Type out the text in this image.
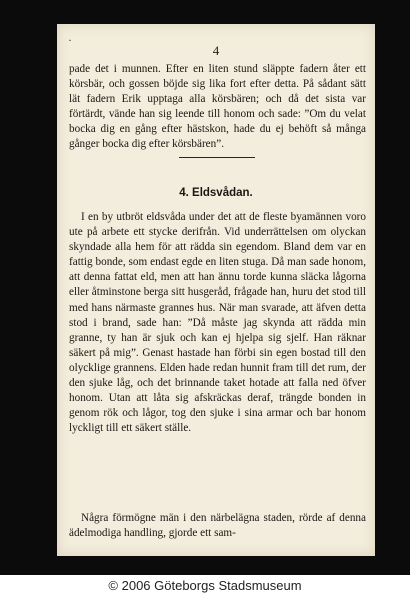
·
4

pade det i munnen. Efter en liten stund släppte fadern åter ett körsbär, och gossen böjde sig lika fort efter detta. På sådant sätt lät fadern Erik upptaga alla körsbären; och då det sista var förtärdt, vände han sig leende till honom och sade: ”Om du velat bocka dig en gång efter hästskon, hade du ej behöft så många gånger bocka dig efter körsbären”.

4. Eldsvådan.

I en by utbröt eldsvåda under det att de fleste byamännen voro ute på arbete ett stycke derifrån. Vid underrättelsen om olyckan skyndade alla hem för att rädda sin egendom. Bland dem var en fattig bonde, som endast egde en liten stuga. Då man sade honom, att denna fattat eld, men att han ännu torde kunna släcka lågorna eller åtminstone berga sitt husgeråd, frågade han, huru det stod till med hans närmaste grannes hus. När man svarade, att äfven detta stod i brand, sade han: ”Då måste jag skynda att rädda min granne, ty han är sjuk och kan ej hjelpa sig sjelf. Han räknar säkert på mig”. Genast hastade han förbi sin egen bostad till den olycklige grannens. Elden hade redan hunnit fram till det rum, der den sjuke låg, och det brinnande taket hotade att falla ned öfver honom. Utan att låta sig afskräckas deraf, trängde bonden in genom rök och lågor, tog den sjuke i sina armar och bar honom lyckligt till ett säkert ställe.

Några förmögne män i den närbelägna staden, rörde af denna ädelmodiga handling, gjorde ett sam-

© 2006 Göteborgs Stadsmuseum
